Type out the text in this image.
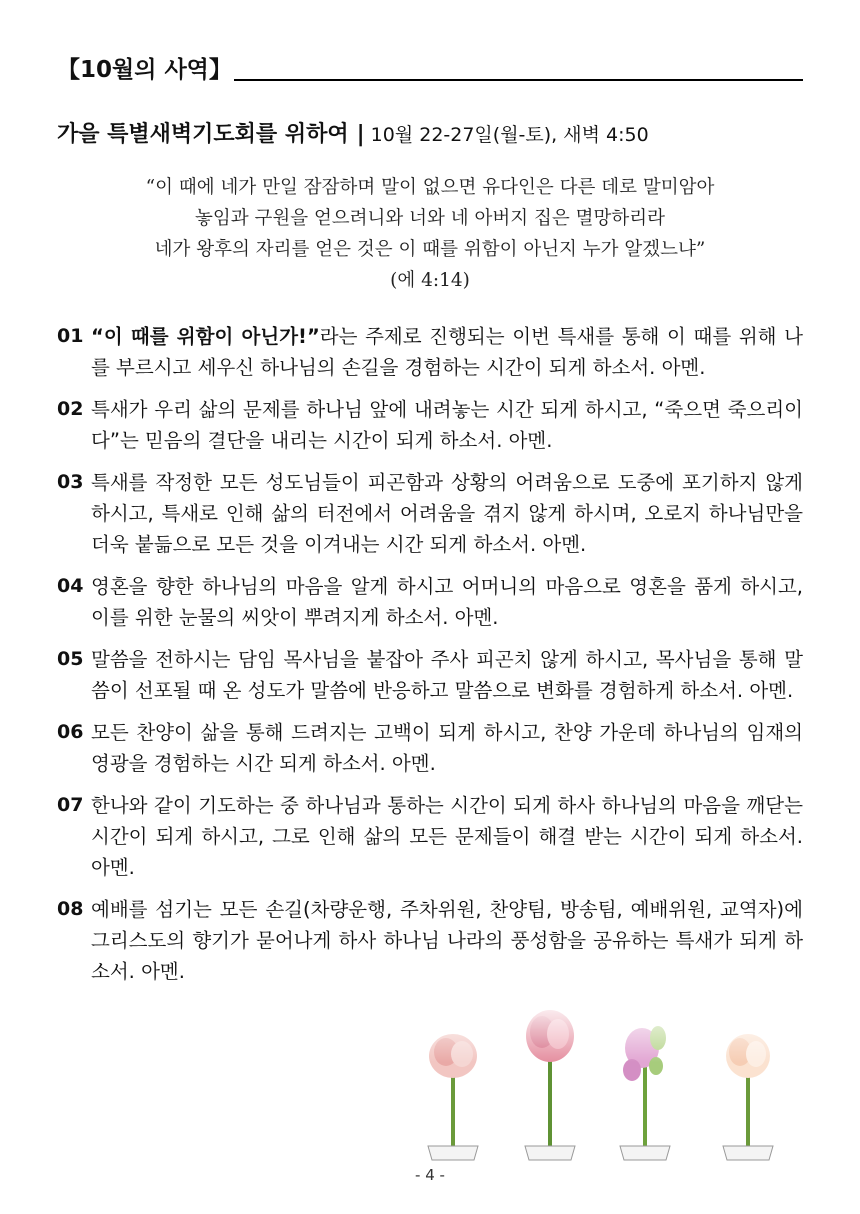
【10월의 사역】
가을 특별새벽기도회를 위하여 | 10월 22-27일(월-토), 새벽 4:50
“이 때에 네가 만일 잠잠하며 말이 없으면 유다인은 다른 데로 말미암아
놓임과 구원을 얻으려니와 너와 네 아버지 집은 멸망하리라
네가 왕후의 자리를 얻은 것은 이 때를 위함이 아닌지 누가 알겠느냐”
(에 4:14)
01 “이 때를 위함이 아닌가!”라는 주제로 진행되는 이번 특새를 통해 이 때를 위해 나를 부르시고 세우신 하나님의 손길을 경험하는 시간이 되게 하소서. 아멘.
02 특새가 우리 삶의 문제를 하나님 앞에 내려놓는 시간 되게 하시고, “죽으면 죽으리이다”는 믿음의 결단을 내리는 시간이 되게 하소서. 아멘.
03 특새를 작정한 모든 성도님들이 피곤함과 상황의 어려움으로 도중에 포기하지 않게 하시고, 특새로 인해 삶의 터전에서 어려움을 겪지 않게 하시며, 오로지 하나님만을 더욱 붙듦으로 모든 것을 이겨내는 시간 되게 하소서. 아멘.
04 영혼을 향한 하나님의 마음을 알게 하시고 어머니의 마음으로 영혼을 품게 하시고, 이를 위한 눈물의 씨앗이 뿌려지게 하소서. 아멘.
05 말씀을 전하시는 담임 목사님을 붙잡아 주사 피곤치 않게 하시고, 목사님을 통해 말씀이 선포될 때 온 성도가 말씀에 반응하고 말씀으로 변화를 경험하게 하소서. 아멘.
06 모든 찬양이 삶을 통해 드려지는 고백이 되게 하시고, 찬양 가운데 하나님의 임재의 영광을 경험하는 시간 되게 하소서. 아멘.
07 한나와 같이 기도하는 중 하나님과 통하는 시간이 되게 하사 하나님의 마음을 깨닫는 시간이 되게 하시고, 그로 인해 삶의 모든 문제들이 해결 받는 시간이 되게 하소서. 아멘.
08 예배를 섬기는 모든 손길(차량운행, 주차위원, 찬양팀, 방송팀, 예배위원, 교역자)에 그리스도의 향기가 묻어나게 하사 하나님 나라의 풍성함을 공유하는 특새가 되게 하소서. 아멘.
- 4 -
